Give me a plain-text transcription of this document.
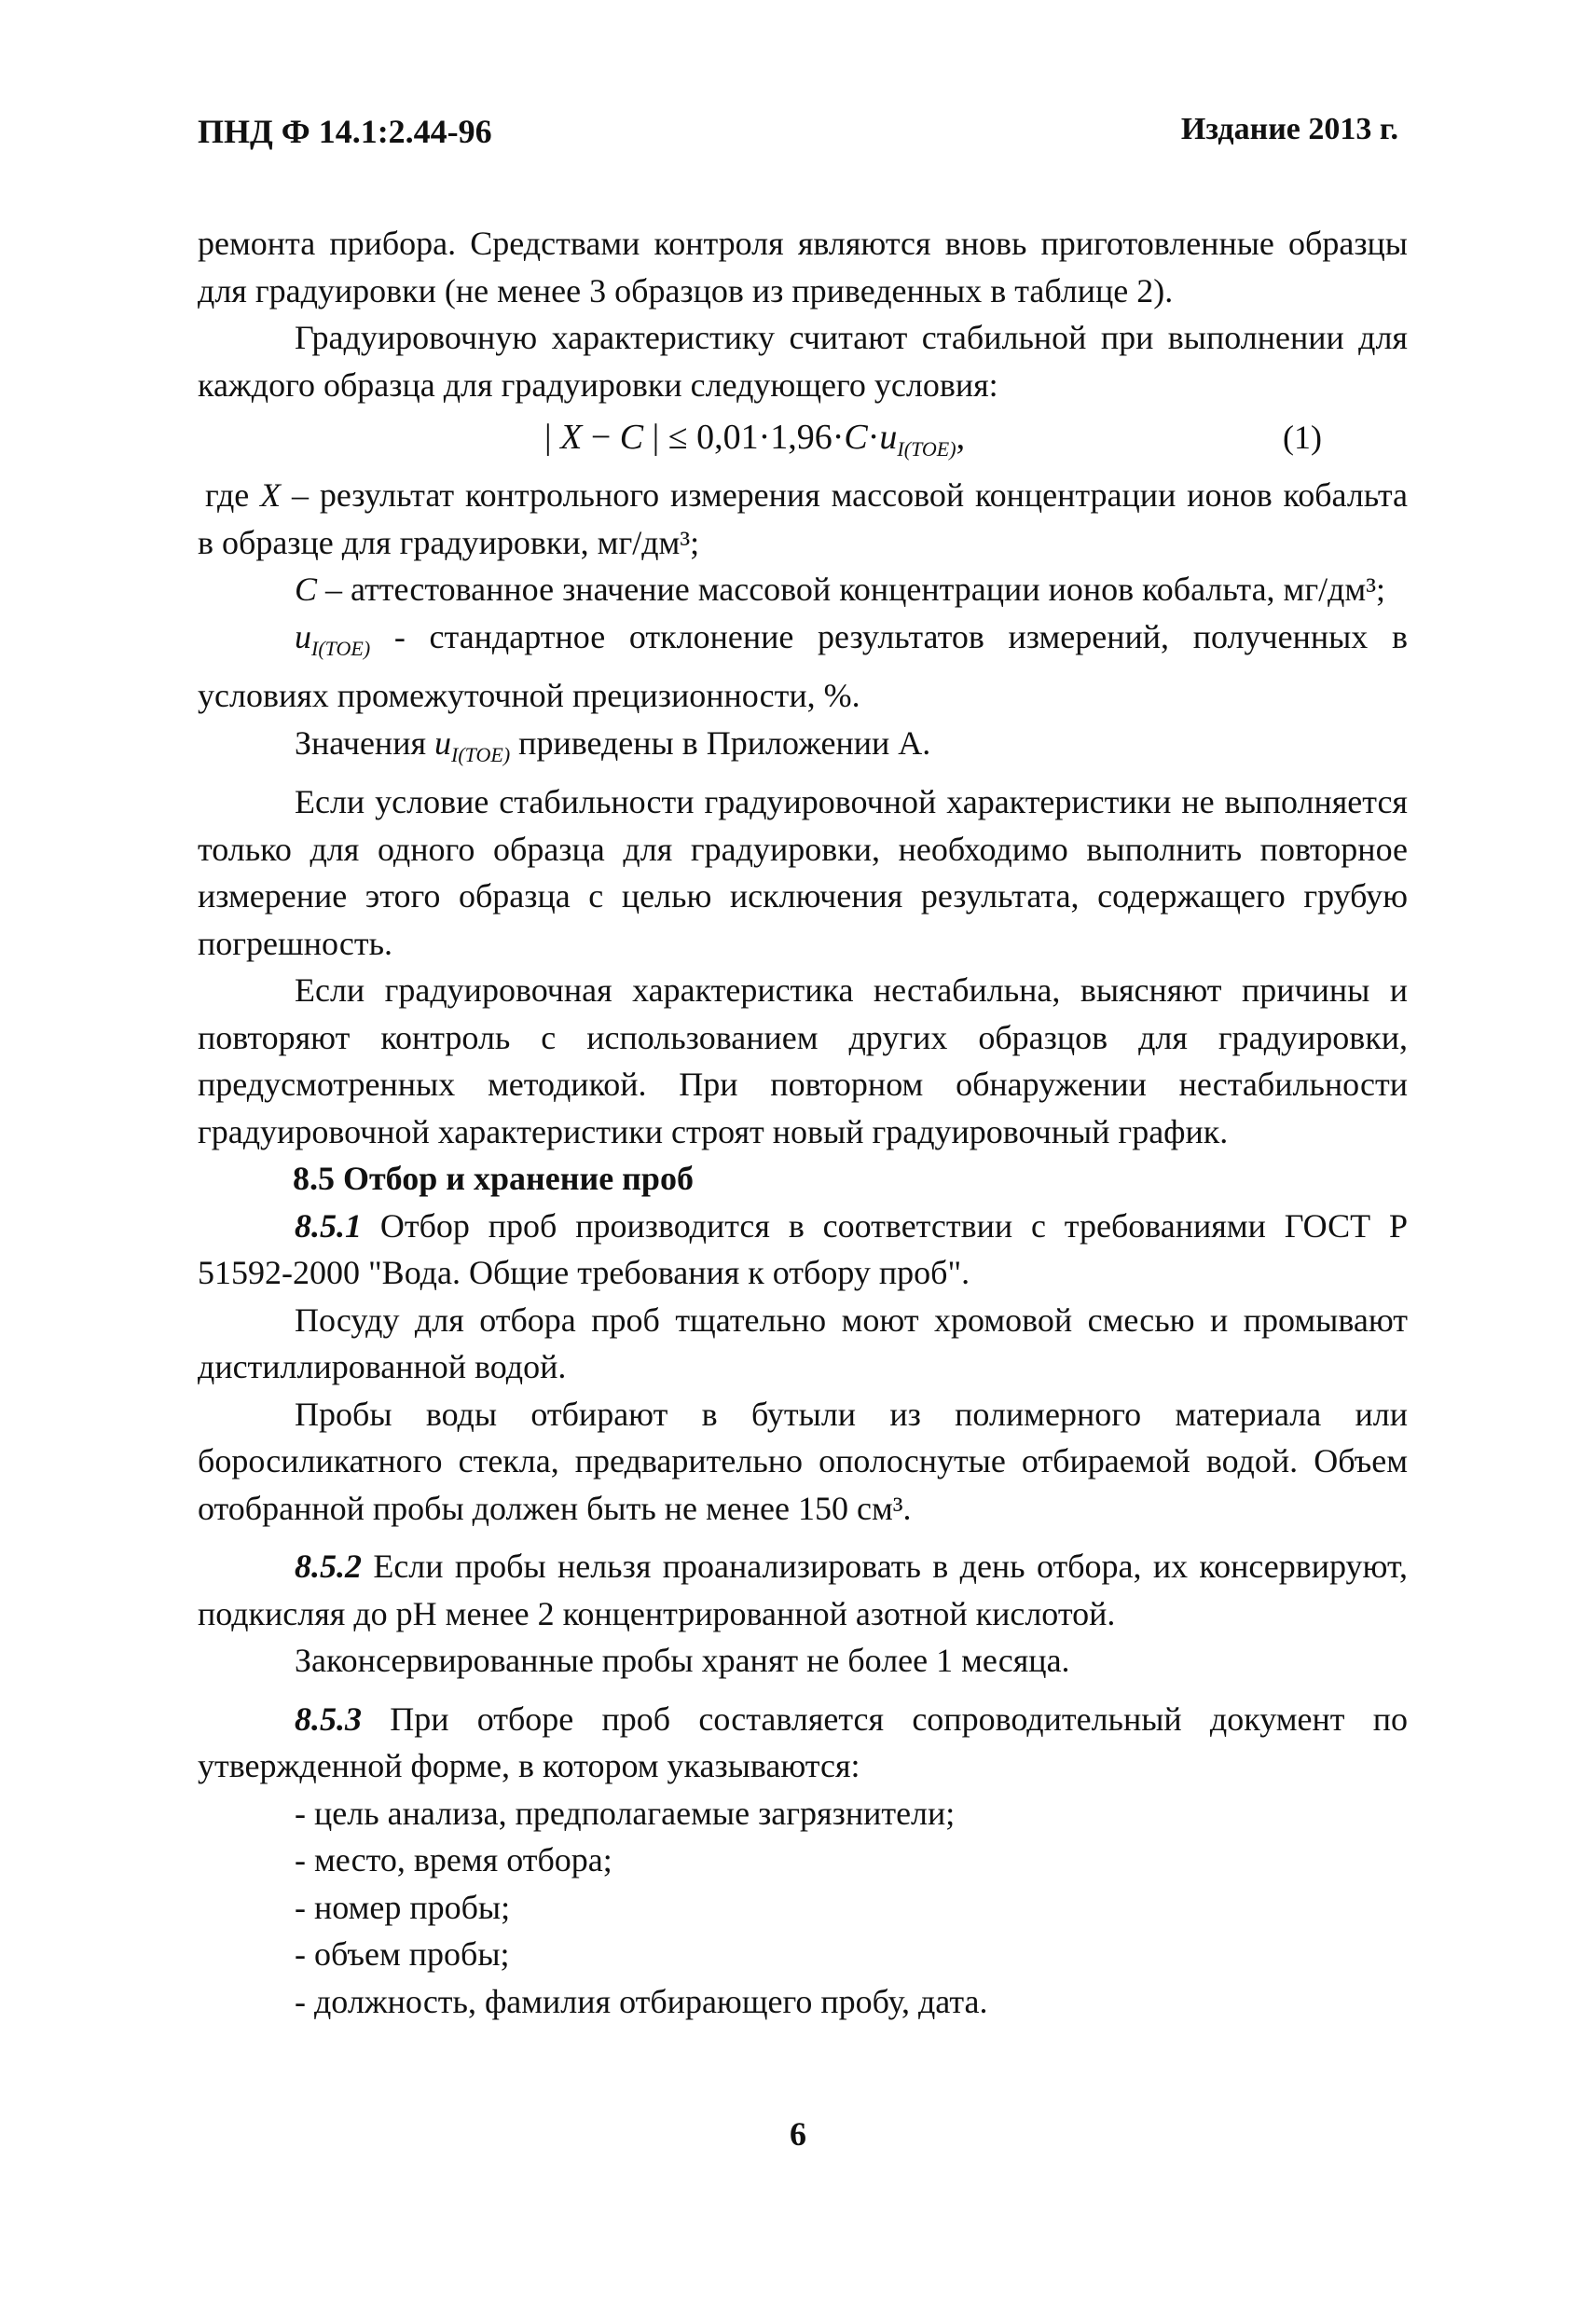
ПНД Ф 14.1:2.44-96	Издание 2013 г.

ремонта прибора. Средствами контроля являются вновь приготовленные образцы для градуировки (не менее 3 образцов из приведенных в таблице 2).

Градуировочную характеристику считают стабильной при выполнении для каждого образца для градуировки следующего условия:

| X − C | ≤ $0,01\cdot 1,96\cdot C\cdot u_{I(TOE)}$,	(1)

где X – результат контрольного измерения массовой концентрации ионов кобальта в образце для градуировки, мг/дм³;

C – аттестованное значение массовой концентрации ионов кобальта, мг/дм³;

$u_{I(TOE)}$ - стандартное отклонение результатов измерений, полученных в условиях промежуточной прецизионности, %.

Значения $u_{I(TOE)}$ приведены в Приложении А.

Если условие стабильности градуировочной характеристики не выполняется только для одного образца для градуировки, необходимо выполнить повторное измерение этого образца с целью исключения результата, содержащего грубую погрешность.

Если градуировочная характеристика нестабильна, выясняют причины и повторяют контроль с использованием других образцов для градуировки, предусмотренных методикой. При повторном обнаружении нестабильности градуировочной характеристики строят новый градуировочный график.

8.5 Отбор и хранение проб

8.5.1 Отбор проб производится в соответствии с требованиями ГОСТ Р 51592-2000 "Вода. Общие требования к отбору проб".

Посуду для отбора проб тщательно моют хромовой смесью и промывают дистиллированной водой.

Пробы воды отбирают в бутыли из полимерного материала или боросиликатного стекла, предварительно ополоснутые отбираемой водой. Объем отобранной пробы должен быть не менее 150 см³.

8.5.2 Если пробы нельзя проанализировать в день отбора, их консервируют, подкисляя до pH менее 2 концентрированной азотной кислотой.

Законсервированные пробы хранят не более 1 месяца.

8.5.3 При отборе проб составляется сопроводительный документ по утвержденной форме, в котором указываются:

- цель анализа, предполагаемые загрязнители;

- место, время отбора;

- номер пробы;

- объем пробы;

- должность, фамилия отбирающего пробу, дата.

6
